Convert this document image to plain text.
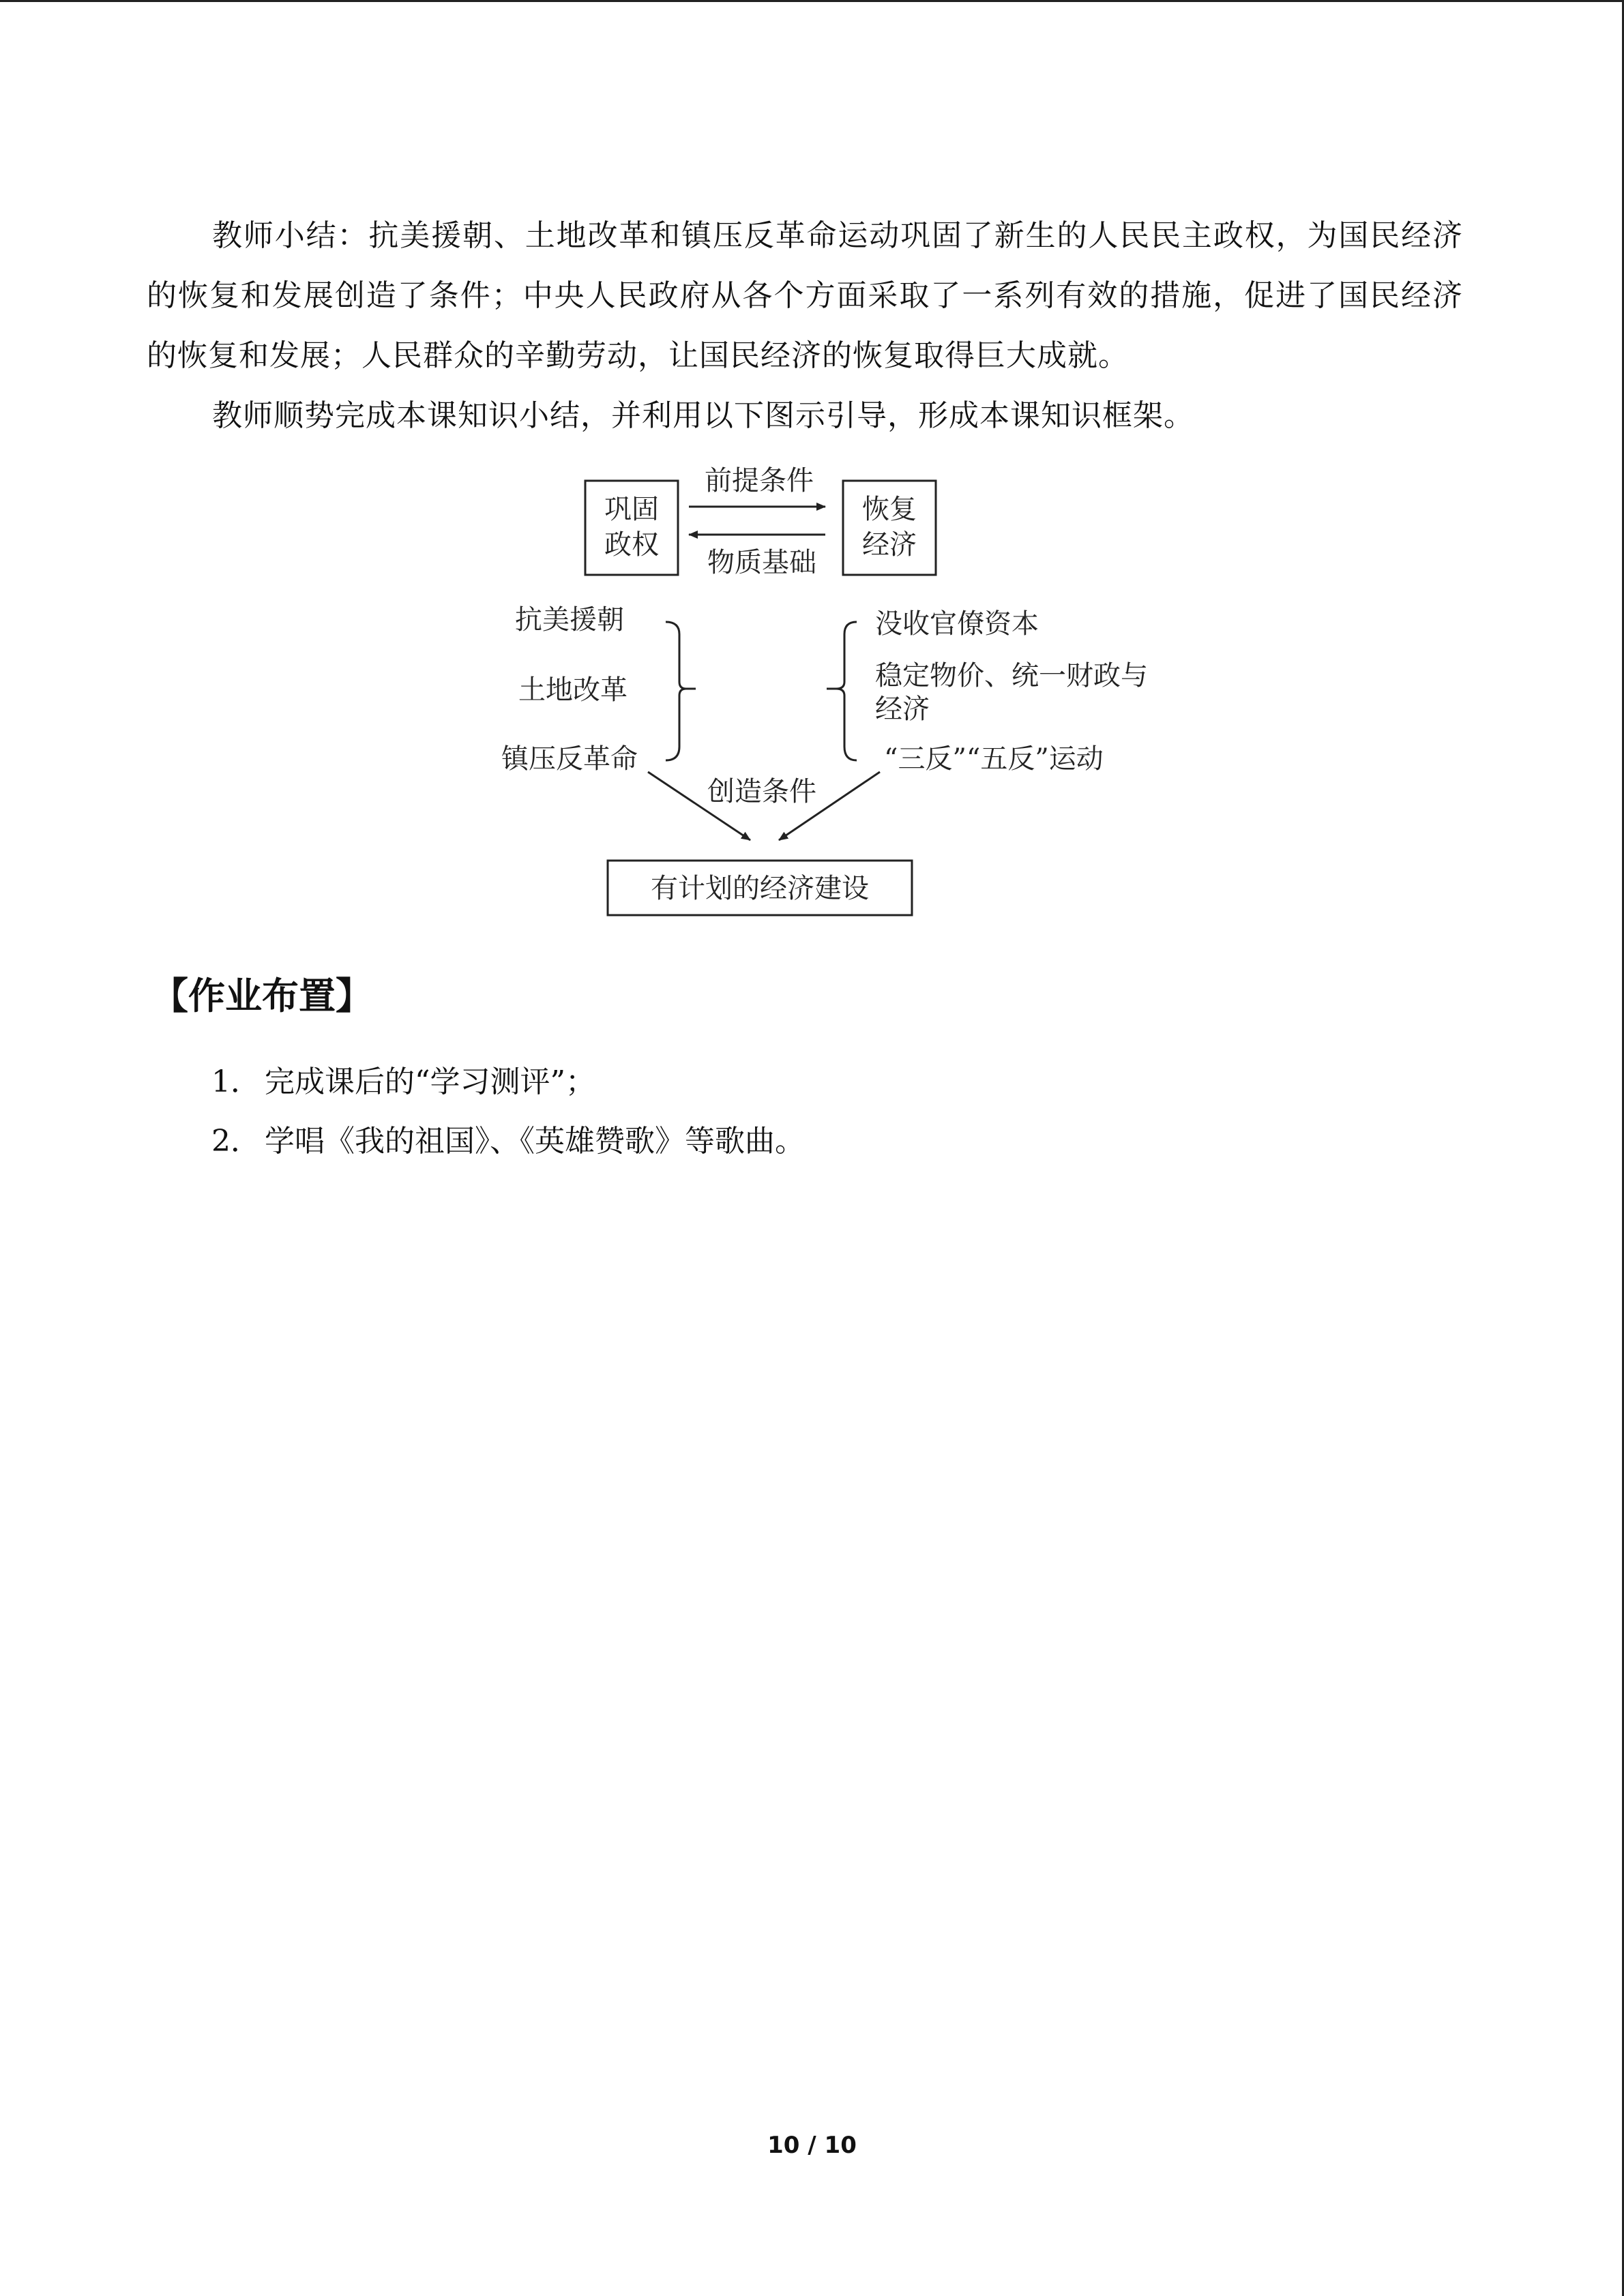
教师小结：抗美援朝、土地改革和镇压反革命运动巩固了新生的人民民主政权，为国民经济的恢复和发展创造了条件；中央人民政府从各个方面采取了一系列有效的措施，促进了国民经济的恢复和发展；人民群众的辛勤劳动，让国民经济的恢复取得巨大成就。

教师顺势完成本课知识小结，并利用以下图示引导，形成本课知识框架。

巩固
政权
恢复
经济
前提条件
物质基础
抗美援朝
土地改革
镇压反革命
没收官僚资本
稳定物价、统一财政与
经济
“三反”“五反”运动
创造条件
有计划的经济建设
【作业布置】
1． 完成课后的“学习测评”；
2． 学唱《我的祖国》、《英雄赞歌》等歌曲。
10 / 10
